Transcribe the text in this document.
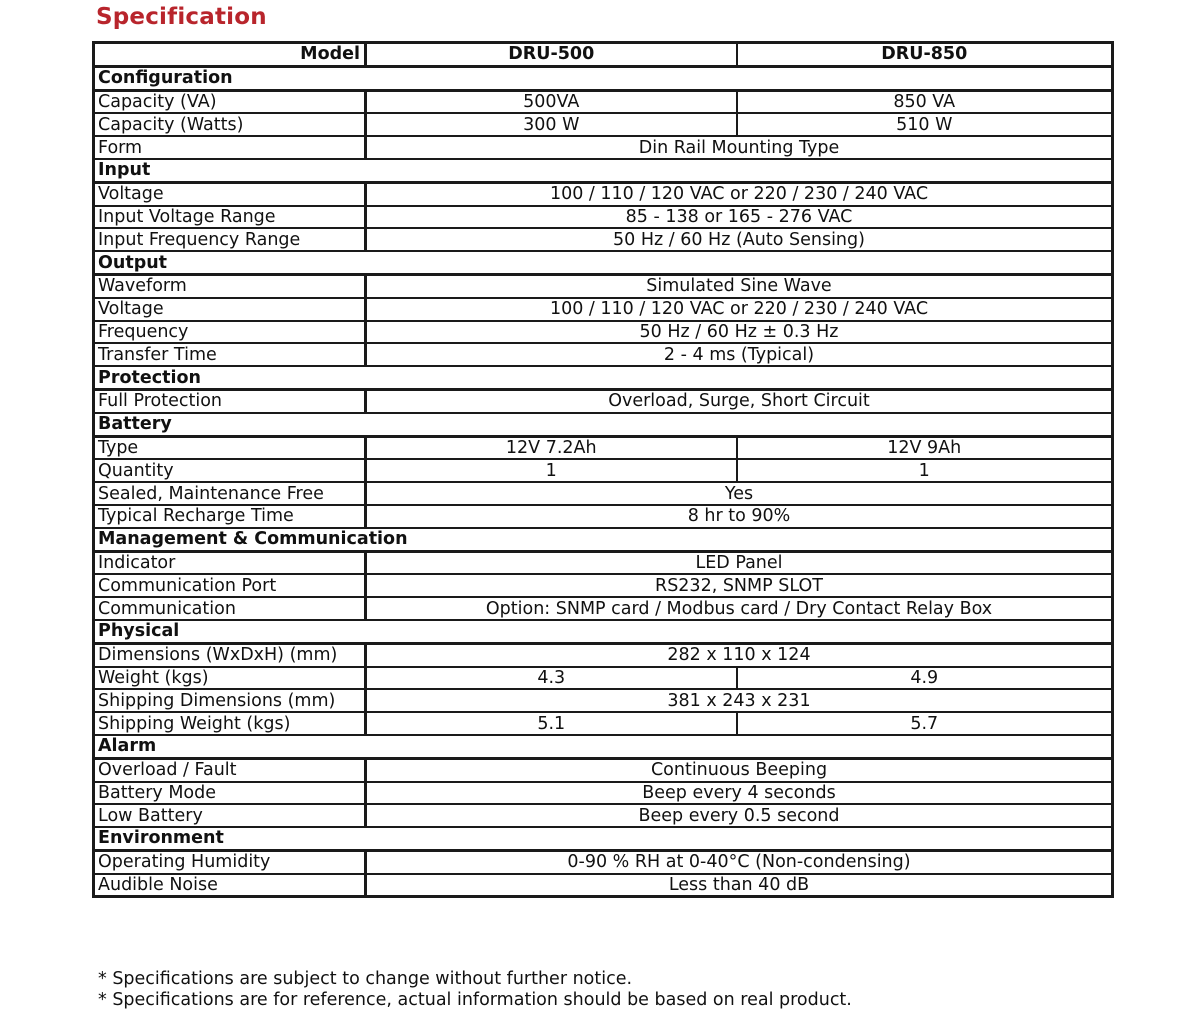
Specification
Model	DRU-500	DRU-850
Configuration		
Capacity (VA)	500VA	850 VA
Capacity (Watts)	300 W	510 W
Form	Din Rail Mounting Type	
Input		
Voltage	100 / 110 / 120 VAC or 220 / 230 / 240 VAC	
Input Voltage Range	85 - 138 or 165 - 276 VAC	
Input Frequency Range	50 Hz / 60 Hz (Auto Sensing)	
Output		
Waveform	Simulated Sine Wave	
Voltage	100 / 110 / 120 VAC or 220 / 230 / 240 VAC	
Frequency	50 Hz / 60 Hz ± 0.3 Hz	
Transfer Time	2 - 4 ms (Typical)	
Protection		
Full Protection	Overload, Surge, Short Circuit	
Battery		
Type	12V 7.2Ah	12V 9Ah
Quantity	1	1
Sealed, Maintenance Free	Yes	
Typical Recharge Time	8 hr to 90%	
Management & Communication		
Indicator	LED Panel	
Communication Port	RS232, SNMP SLOT	
Communication	Option: SNMP card / Modbus card / Dry Contact Relay Box	
Physical		
Dimensions (WxDxH) (mm)	282 x 110 x 124	
Weight (kgs)	4.3	4.9
Shipping Dimensions (mm)	381 x 243 x 231	
Shipping Weight (kgs)	5.1	5.7
Alarm		
Overload / Fault	Continuous Beeping	
Battery Mode	Beep every 4 seconds	
Low Battery	Beep every 0.5 second	
Environment		
Operating Humidity	0-90 % RH at 0-40°C (Non-condensing)	
Audible Noise	Less than 40 dB	
* Specifications are subject to change without further notice.
* Specifications are for reference, actual information should be based on real product.
